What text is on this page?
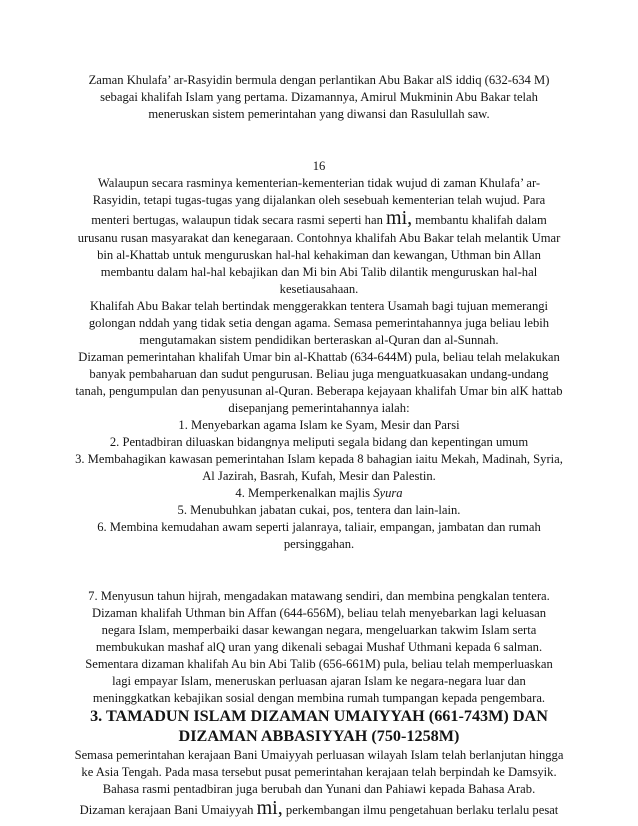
Zaman Khulafa’ ar-Rasyidin bermula dengan perlantikan Abu Bakar alS iddiq (632-634 M)
sebagai khalifah Islam yang pertama. Dizamannya, Amirul Mukminin Abu Bakar telah
meneruskan sistem pemerintahan yang diwansi dan Rasulullah saw.
16
Walaupun secara rasminya kementerian-kementerian tidak wujud di zaman Khulafa’ ar-
Rasyidin, tetapi tugas-tugas yang dijalankan oleh sesebuah kementerian telah wujud. Para
menteri bertugas, walaupun tidak secara rasmi seperti han mi, membantu khalifah dalam
urusanu rusan masyarakat dan kenegaraan. Contohnya khalifah Abu Bakar telah melantik Umar
bin al-Khattab untuk menguruskan hal-hal kehakiman dan kewangan, Uthman bin Allan
membantu dalam hal-hal kebajikan dan Mi bin Abi Talib dilantik menguruskan hal-hal
kesetiausahaan.
Khalifah Abu Bakar telah bertindak menggerakkan tentera Usamah bagi tujuan memerangi
golongan nddah yang tidak setia dengan agama. Semasa pemerintahannya juga beliau lebih
mengutamakan sistem pendidikan berteraskan al-Quran dan al-Sunnah.
Dizaman pemerintahan khalifah Umar bin al-Khattab (634-644M) pula, beliau telah melakukan
banyak pembaharuan dan sudut pengurusan. Beliau juga menguatkuasakan undang-undang
tanah, pengumpulan dan penyusunan al-Quran. Beberapa kejayaan khalifah Umar bin alK hattab
disepanjang pemerintahannya ialah:
1. Menyebarkan agama Islam ke Syam, Mesir dan Parsi
2. Pentadbiran diluaskan bidangnya meliputi segala bidang dan kepentingan umum
3. Membahagikan kawasan pemerintahan Islam kepada 8 bahagian iaitu Mekah, Madinah, Syria,
Al Jazirah, Basrah, Kufah, Mesir dan Palestin.
4. Memperkenalkan majlis Syura
5. Menubuhkan jabatan cukai, pos, tentera dan lain-lain.
6. Membina kemudahan awam seperti jalanraya, taliair, empangan, jambatan dan rumah
persinggahan.
7. Menyusun tahun hijrah, mengadakan matawang sendiri, dan membina pengkalan tentera.
Dizaman khalifah Uthman bin Affan (644-656M), beliau telah menyebarkan lagi keluasan
negara Islam, memperbaiki dasar kewangan negara, mengeluarkan takwim Islam serta
membukukan mashaf alQ uran yang dikenali sebagai Mushaf Uthmani kepada 6 salman.
Sementara dizaman khalifah Au bin Abi Talib (656-661M) pula, beliau telah memperluaskan
lagi empayar Islam, meneruskan perluasan ajaran Islam ke negara-negara luar dan
meninggkatkan kebajikan sosial dengan membina rumah tumpangan kepada pengembara.
3. TAMADUN ISLAM DIZAMAN UMAIYYAH (661-743M) DAN
DIZAMAN ABBASIYYAH (750-1258M)
Semasa pemerintahan kerajaan Bani Umaiyyah perluasan wilayah Islam telah berlanjutan hingga
ke Asia Tengah. Pada masa tersebut pusat pemerintahan kerajaan telah berpindah ke Damsyik.
Bahasa rasmi pentadbiran juga berubah dan Yunani dan Pahiawi kepada Bahasa Arab.
Dizaman kerajaan Bani Umaiyyah mi, perkembangan ilmu pengetahuan berlaku terlalu pesat
